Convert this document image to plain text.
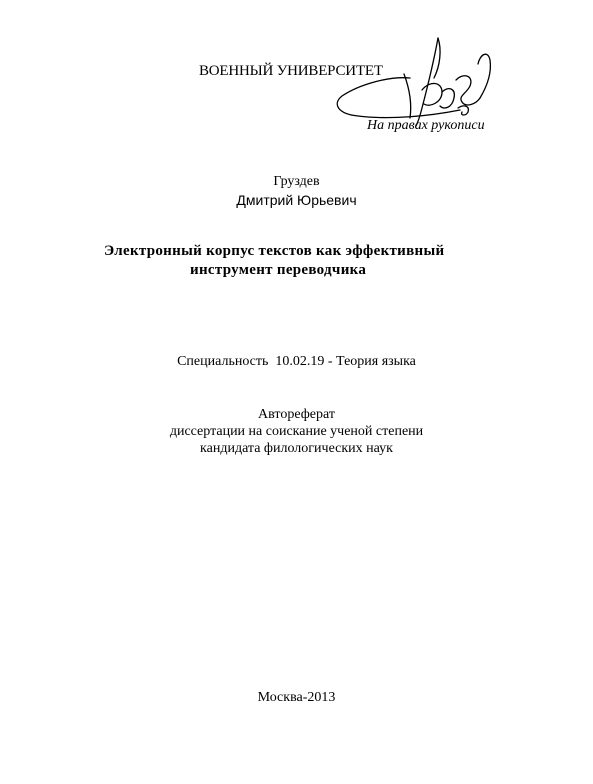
ВОЕННЫЙ УНИВЕРСИТЕТ
На правах рукописи
Груздев
Дмитрий Юрьевич
Электронный корпус текстов как эффективный
инструмент переводчика
Специальность  10.02.19 - Теория языка
Автореферат
диссертации на соискание ученой степени
кандидата филологических наук
Москва-2013
